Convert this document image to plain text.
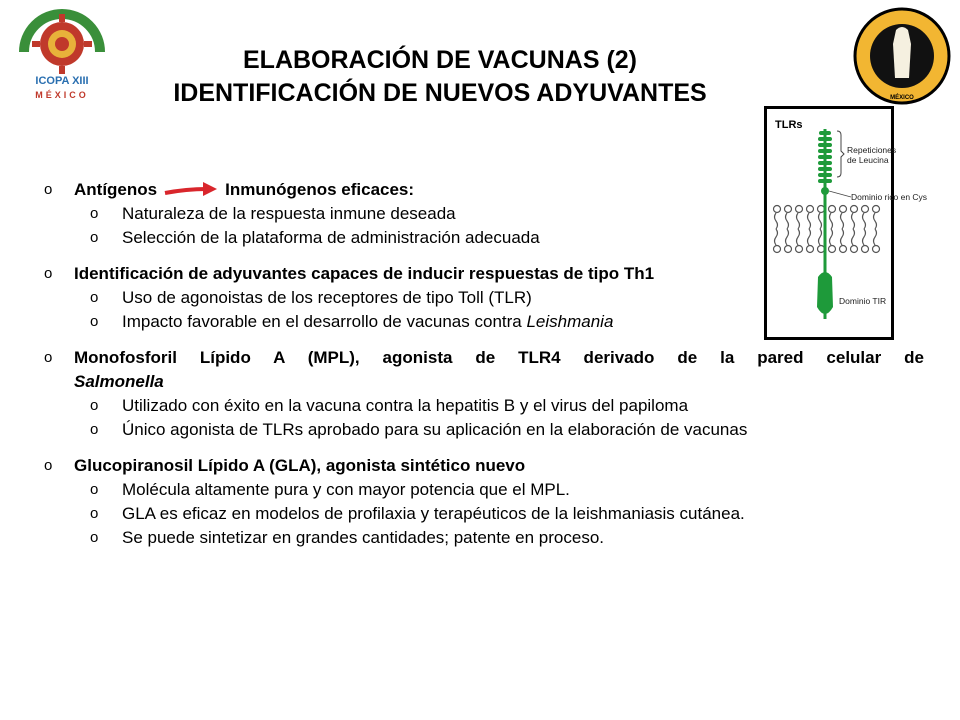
ICOPA XIII
MÉXICO	MÉXICO
ELABORACIÓN DE VACUNAS (2)
IDENTIFICACIÓN DE NUEVOS ADYUVANTES
TLRs
Repeticiones
de Leucina
Dominio rico en Cys
Dominio TIR
o Antígenos	Inmunógenos eficaces:
o Naturaleza de la respuesta inmune deseada
o Selección de la plataforma de administración adecuada
o Identificación de adyuvantes capaces de inducir respuestas de tipo Th1
o Uso de agonoistas de los receptores de tipo Toll (TLR)
o Impacto favorable en el desarrollo de vacunas contra Leishmania
o Monofosforil Lípido A (MPL), agonista de TLR4 derivado de la pared celular de
Salmonella
o Utilizado con éxito en la vacuna contra la hepatitis B y el virus del papiloma
o Único agonista de TLRs aprobado para su aplicación en la elaboración de vacunas
o Glucopiranosil Lípido A (GLA), agonista sintético nuevo
o Molécula altamente pura y con mayor potencia que el MPL.
o GLA es eficaz en modelos de profilaxia y terapéuticos de la leishmaniasis cutánea.
o Se puede sintetizar en grandes cantidades; patente en proceso.
